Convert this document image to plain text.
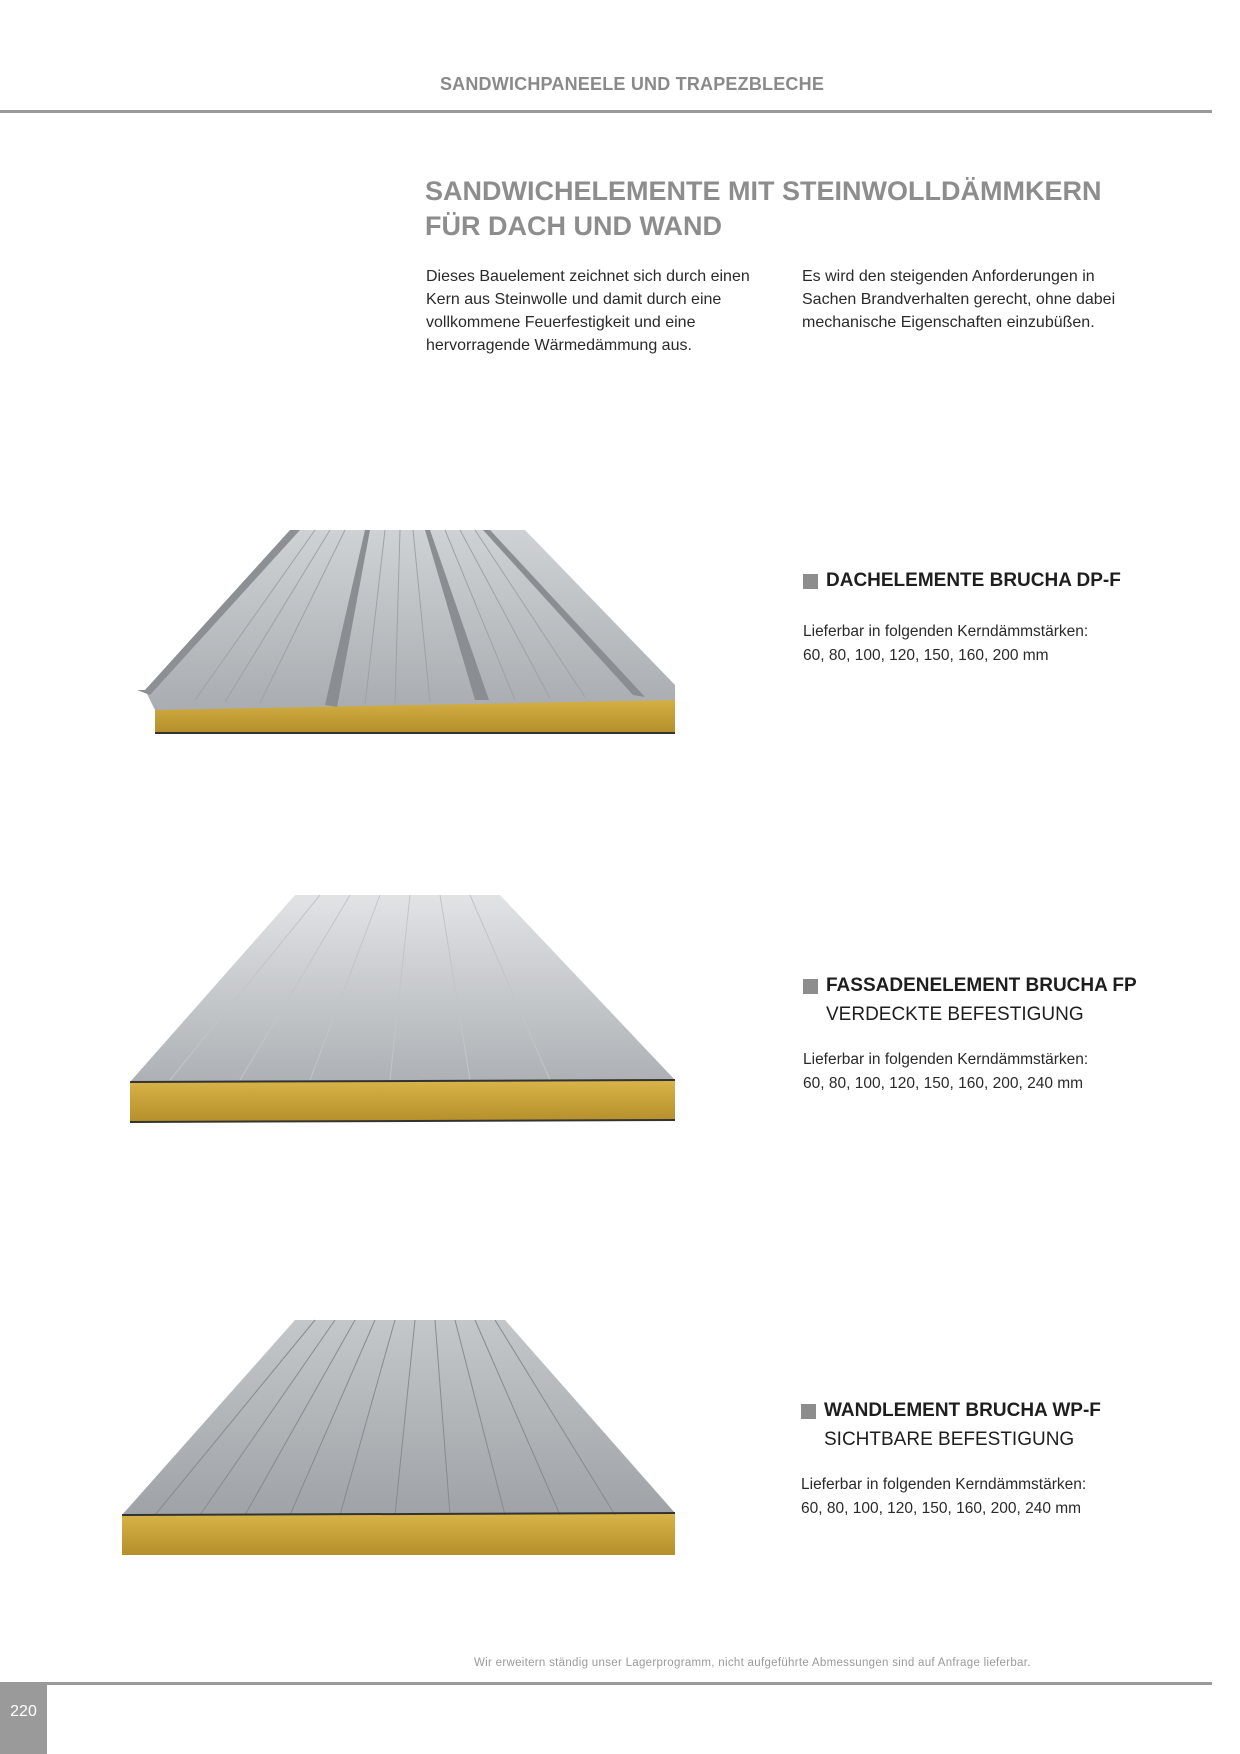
SANDWICHPANEELE UND TRAPEZBLECHE
SANDWICHELEMENTE MIT STEINWOLLDÄMMKERN
FÜR DACH UND WAND

Dieses Bauelement zeichnet sich durch einen Kern aus Steinwolle und damit durch eine vollkommene Feuerfestigkeit und eine hervorragende Wärmedämmung aus.

Es wird den steigenden Anforderungen in Sachen Brandverhalten gerecht, ohne dabei mechanische Eigenschaften einzubüßen.

DACHELEMENTE BRUCHA DP-F
Lieferbar in folgenden Kerndämmstärken:
60, 80, 100, 120, 150, 160, 200 mm
FASSADENELEMENT BRUCHA FP
VERDECKTE BEFESTIGUNG
Lieferbar in folgenden Kerndämmstärken:
60, 80, 100, 120, 150, 160, 200, 240 mm
WANDLEMENT BRUCHA WP-F
SICHTBARE BEFESTIGUNG
Lieferbar in folgenden Kerndämmstärken:
60, 80, 100, 120, 150, 160, 200, 240 mm
Wir erweitern ständig unser Lagerprogramm, nicht aufgeführte Abmessungen sind auf Anfrage lieferbar.
220
